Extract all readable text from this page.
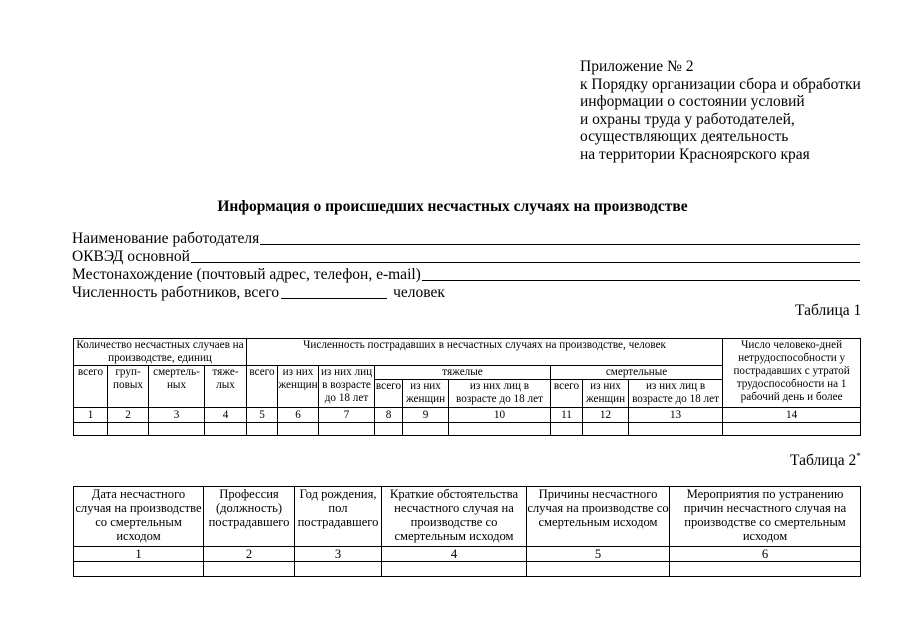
Приложение № 2
к Порядку организации сбора и обработки
информации о состоянии условий
и охраны труда у работодателей,
осуществляющих деятельность
на территории Красноярского края
Информация о происшедших несчастных случаях на производстве
Наименование работодателя
ОКВЭД основной
Местонахождение (почтовый адрес, телефон, e-mail)
Численность работников, всего	человек
Таблица 1
Количество несчастных случаев на производстве, единиц				Численность пострадавших в несчастных случаях на производстве, человек									Число человеко-дней нетрудоспособности у пострадавших с утратой трудоспособности на 1 рабочий день и более
всего	груп-повых	смертель-ных	тяже-лых	всего	из них женщин	из них лиц в возрасте до 18 лет	тяжелые			смертельные			
							всего	из них женщин	из них лиц в возрасте до 18 лет	всего	из них женщин	из них лиц в возрасте до 18 лет	
1	2	3	4	5	6	7	8	9	10	11	12	13	14

Таблица 2*
Дата несчастного случая на производстве со смертельным исходом	Профессия (должность) пострадавшего	Год рождения, пол пострадавшего	Краткие обстоятельства несчастного случая на производстве со смертельным исходом	Причины несчастного случая на производстве со смертельным исходом	Мероприятия по устранению причин несчастного случая на производстве со смертельным исходом
1	2	3	4	5	6
